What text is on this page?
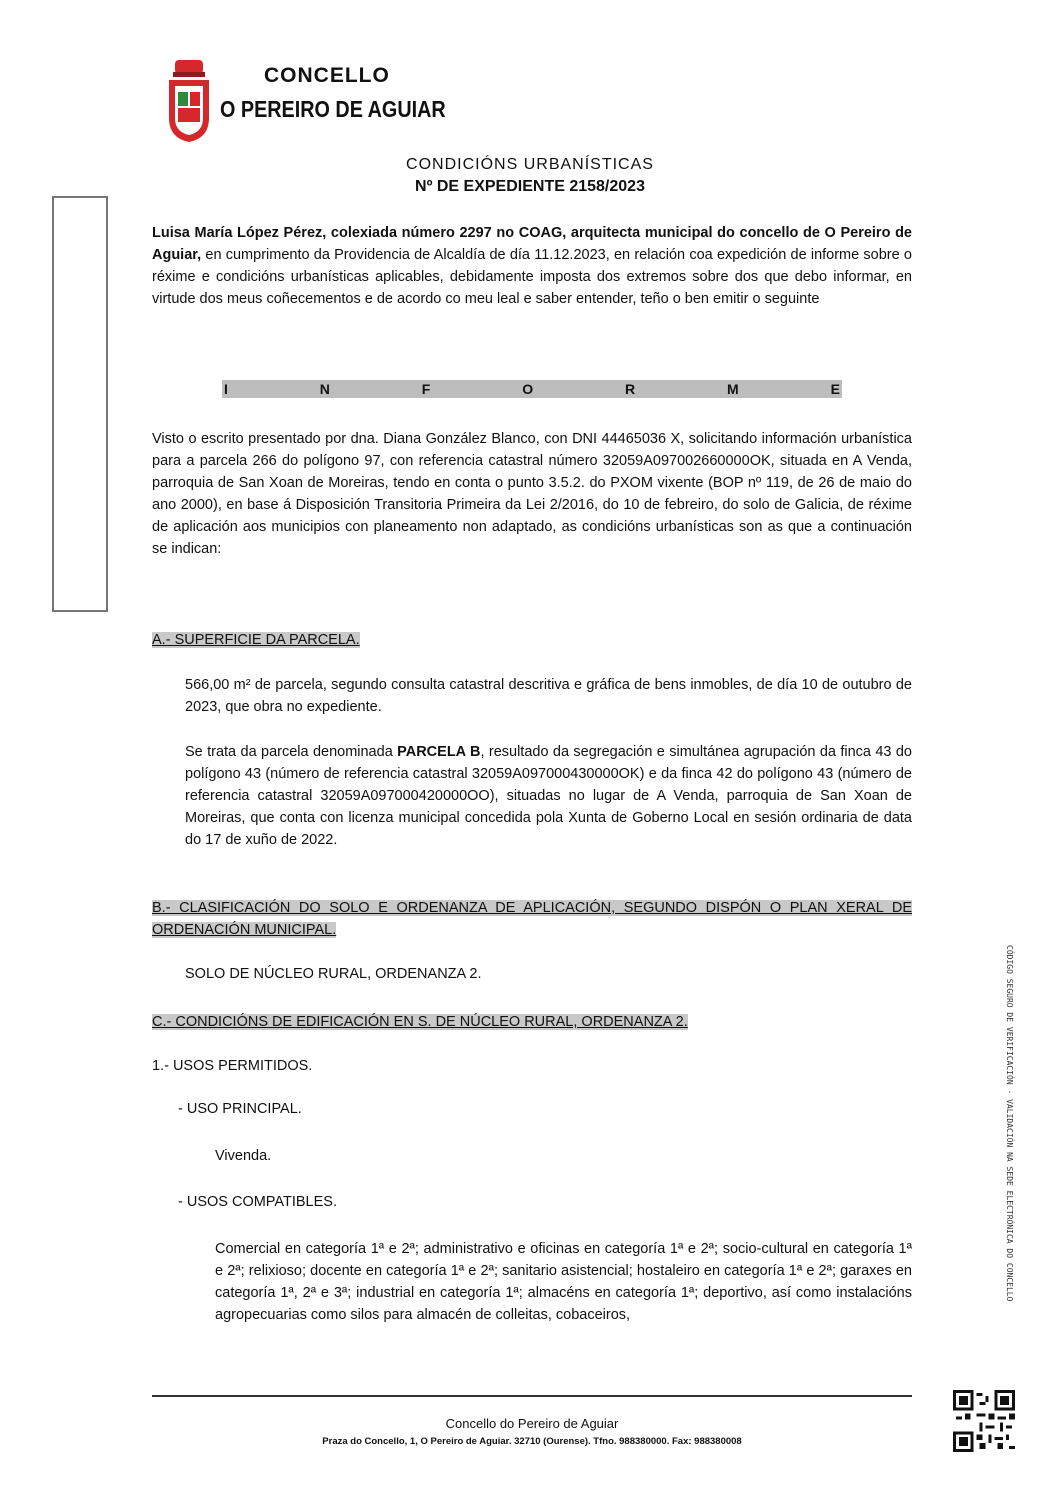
CONCELLO
O PEREIRO DE AGUIAR
CONDICIÓNS URBANÍSTICAS
Nº DE EXPEDIENTE 2158/2023
Luisa María López Pérez, colexiada número 2297 no COAG, arquitecta municipal do concello de O Pereiro de Aguiar, en cumprimento da Providencia de Alcaldía de día 11.12.2023, en relación coa expedición de informe sobre o réxime e condicións urbanísticas aplicables, debidamente imposta dos extremos sobre dos que debo informar, en virtude dos meus coñecementos e de acordo co meu leal e saber entender, teño o ben emitir o seguinte
I	N	F	O	R	M	E
Visto o escrito presentado por dna. Diana González Blanco, con DNI 44465036 X, solicitando información urbanística para a parcela 266 do polígono 97, con referencia catastral número 32059A097002660000OK, situada en A Venda, parroquia de San Xoan de Moreiras, tendo en conta o punto 3.5.2. do PXOM vixente (BOP nº 119, de 26 de maio do ano 2000), en base á Disposición Transitoria Primeira da Lei 2/2016, do 10 de febreiro, do solo de Galicia, de réxime de aplicación aos municipios con planeamento non adaptado, as condicións urbanísticas son as que a continuación se indican:
A.- SUPERFICIE DA PARCELA.
566,00 m² de parcela, segundo consulta catastral descritiva e gráfica de bens inmobles, de día 10 de outubro de 2023, que obra no expediente.
Se trata da parcela denominada PARCELA B, resultado da segregación e simultánea agrupación da finca 43 do polígono 43 (número de referencia catastral 32059A097000430000OK) e da finca 42 do polígono 43 (número de referencia catastral 32059A097000420000OO), situadas no lugar de A Venda, parroquia de San Xoan de Moreiras, que conta con licenza municipal concedida pola Xunta de Goberno Local en sesión ordinaria de data do 17 de xuño de 2022.
B.- CLASIFICACIÓN DO SOLO E ORDENANZA DE APLICACIÓN, SEGUNDO DISPÓN O PLAN XERAL DE ORDENACIÓN MUNICIPAL.
SOLO DE NÚCLEO RURAL, ORDENANZA 2.
C.- CONDICIÓNS DE EDIFICACIÓN EN S. DE NÚCLEO RURAL, ORDENANZA 2.
1.- USOS PERMITIDOS.
- USO PRINCIPAL.
Vivenda.
- USOS COMPATIBLES.
Comercial en categoría 1ª e 2ª; administrativo e oficinas en categoría 1ª e 2ª; socio-cultural en categoría 1ª e 2ª; relixioso; docente en categoría 1ª e 2ª; sanitario asistencial; hostaleiro en categoría 1ª e 2ª; garaxes en categoría 1ª, 2ª e 3ª; industrial en categoría 1ª; almacéns en categoría 1ª; deportivo, así como instalacións agropecuarias como silos para almacén de colleitas, cobaceiros,
Concello do Pereiro de Aguiar
Praza do Concello, 1, O Pereiro de Aguiar. 32710 (Ourense). Tfno. 988380000. Fax: 988380008
CÓDIGO SEGURO DE VERIFICACIÓN · VALIDACIÓN NA SEDE ELECTRÓNICA DO CONCELLO
